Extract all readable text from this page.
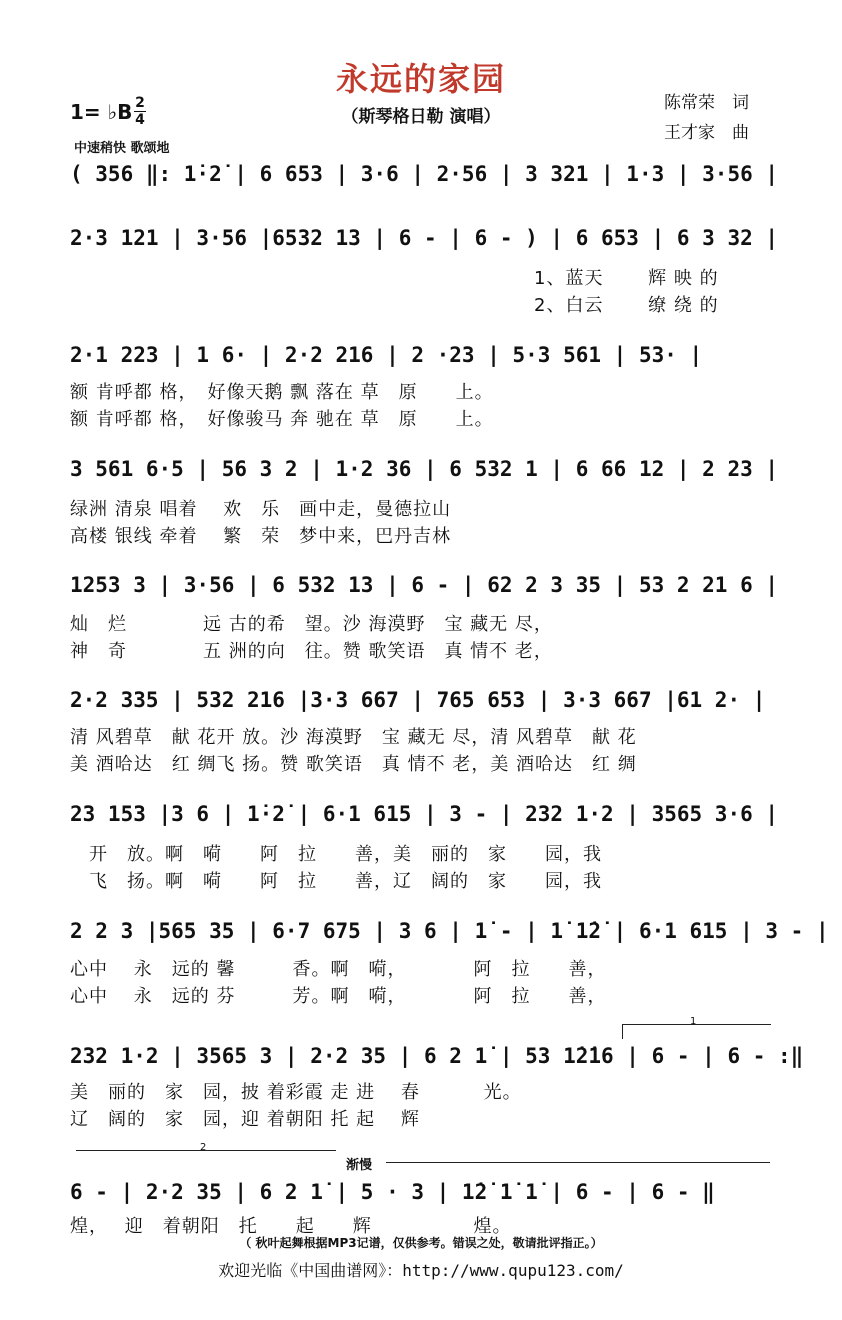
永远的家园
（斯琴格日勒 演唱）
陈常荣　词
王才家　曲
1= ♭B 2
4
中速稍快 歌颂地
( 356 ‖: 1̇·2̇ | 6 653 | 3·6 | 2·56 | 3 321 | 1·3 | 3·56 |
2·3 121 | 3·56 |6532 13 | 6 - | 6 - ) | 6 653 | 6 3 32 |
1、蓝天　　 辉 映 的
2、白云　　 缭 绕 的
2·1 223 | 1 6· | 2·2 216 | 2 ·23 | 5·3 561 | 53· |
额 肯呼都 格，　好像天鹅 飘 落在 草　原　　上。
额 肯呼都 格，　好像骏马 奔 驰在 草　原　　上。
3 561 6·5 | 56 3 2 | 1·2 36 | 6 532 1 | 6 66 12 | 2 23 |
绿洲 清泉 唱着　 欢　乐　画中走，曼德拉山
高楼 银线 牵着　 繁　荣　梦中来，巴丹吉林
1253 3 | 3·56 | 6 532 13 | 6 - | 62 2 3 35 | 53 2 21 6 |
灿　烂　　　　远 古的希　望。沙 海漠野　宝 藏无 尽，
神　奇　　　　五 洲的向　往。赞 歌笑语　真 情不 老，
2·2 335 | 532 216 |3·3 667 | 765 653 | 3·3 667 |61 2· |
清 风碧草　献 花开 放。沙 海漠野　宝 藏无 尽，清 风碧草　献 花
美 酒哈达　红 绸飞 扬。赞 歌笑语　真 情不 老，美 酒哈达　红 绸
23 153 |3 6 | 1̇·2̇ | 6·1 615 | 3 - | 232 1·2 | 3565 3·6 |
　开　放。啊　嗬　　阿　拉　　善，美　丽的　家　　园，我
　飞　扬。啊　嗬　　阿　拉　　善，辽　阔的　家　　园，我
2 2 3 |565 35 | 6·7 675 | 3 6 | 1̇ - | 1̇ 1̇2̇ | 6·1 615 | 3 - |
心中　 永　远的 馨　　　香。啊　嗬，　　　　阿　拉　　善，
心中　 永　远的 芬　　　芳。啊　嗬，　　　　阿　拉　　善，
1
232 1·2 | 3565 3 | 2·2 35 | 6 2 1̇ | 53 1̇2̇16 | 6 - | 6 - :‖
美　丽的　家　园，披 着彩霞 走 进　 春　　　 光。
辽　阔的　家　园，迎 着朝阳 托 起　 辉
2
渐慢
6 - | 2·2 35 | 6 2 1̇ | 5 · 3 | 1̇2̇ 1̇ 1̇ | 6 - | 6 - ‖
煌，　 迎　着朝阳　托　　起　　辉　　　　　 煌。
（ 秋叶起舞根据MP3记谱，仅供参考。错误之处，敬请批评指正。）
欢迎光临《中国曲谱网》：http://www.qupu123.com/
